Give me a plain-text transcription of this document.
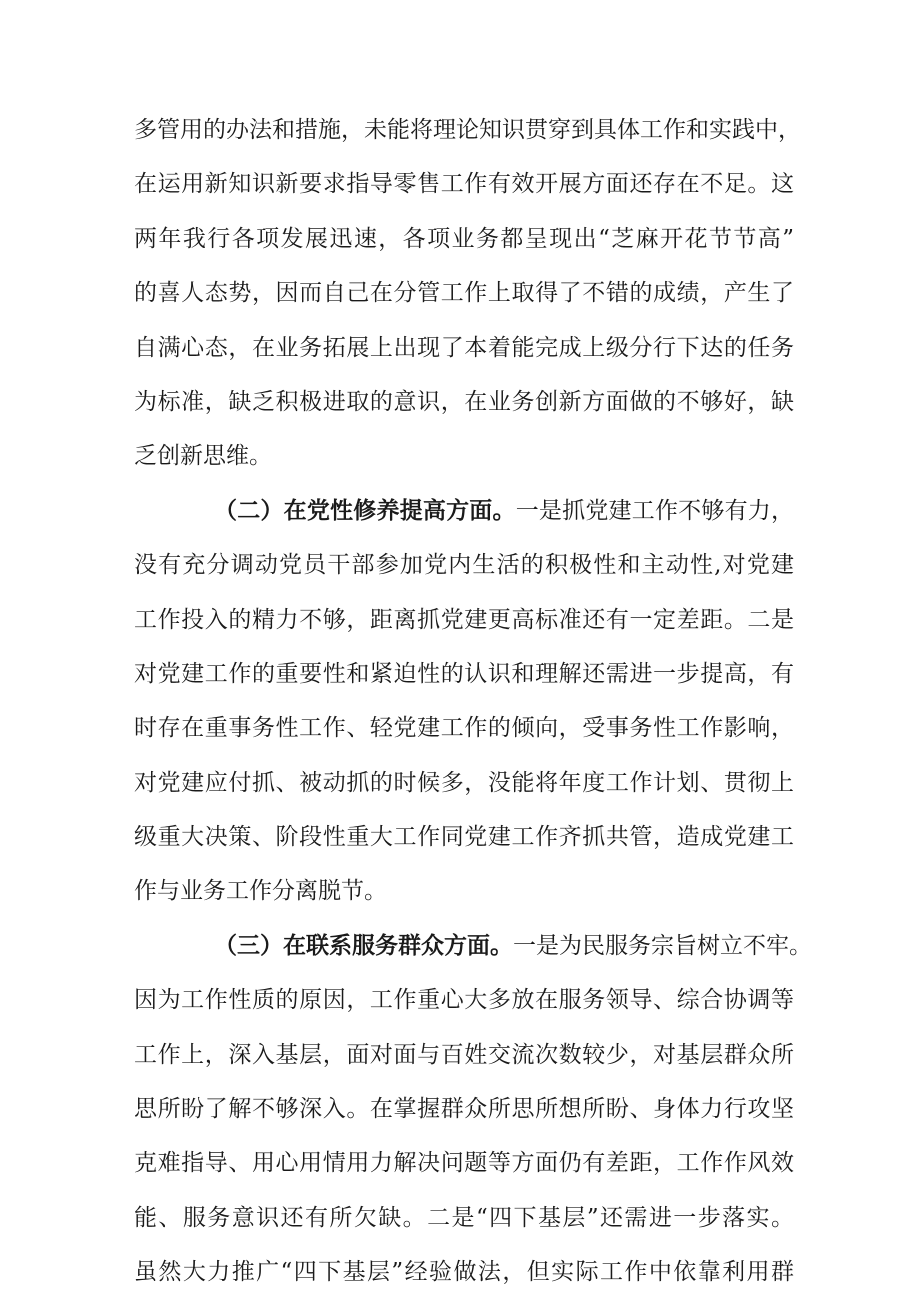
多管用的办法和措施，未能将理论知识贯穿到具体工作和实践中，
在运用新知识新要求指导零售工作有效开展方面还存在不足。这
两年我行各项发展迅速，各项业务都呈现出“芝麻开花节节高”
的喜人态势，因而自己在分管工作上取得了不错的成绩，产生了
自满心态，在业务拓展上出现了本着能完成上级分行下达的任务
为标准，缺乏积极进取的意识，在业务创新方面做的不够好，缺
乏创新思维。
（二）在党性修养提高方面。一是抓党建工作不够有力，
没有充分调动党员干部参加党内生活的积极性和主动性,对党建
工作投入的精力不够，距离抓党建更高标准还有一定差距。二是
对党建工作的重要性和紧迫性的认识和理解还需进一步提高，有
时存在重事务性工作、轻党建工作的倾向，受事务性工作影响，
对党建应付抓、被动抓的时候多，没能将年度工作计划、贯彻上
级重大决策、阶段性重大工作同党建工作齐抓共管，造成党建工
作与业务工作分离脱节。
（三）在联系服务群众方面。一是为民服务宗旨树立不牢。
因为工作性质的原因，工作重心大多放在服务领导、综合协调等
工作上，深入基层，面对面与百姓交流次数较少，对基层群众所
思所盼了解不够深入。在掌握群众所思所想所盼、身体力行攻坚
克难指导、用心用情用力解决问题等方面仍有差距，工作作风效
能、服务意识还有所欠缺。二是“四下基层”还需进一步落实。
虽然大力推广“四下基层”经验做法，但实际工作中依靠利用群
